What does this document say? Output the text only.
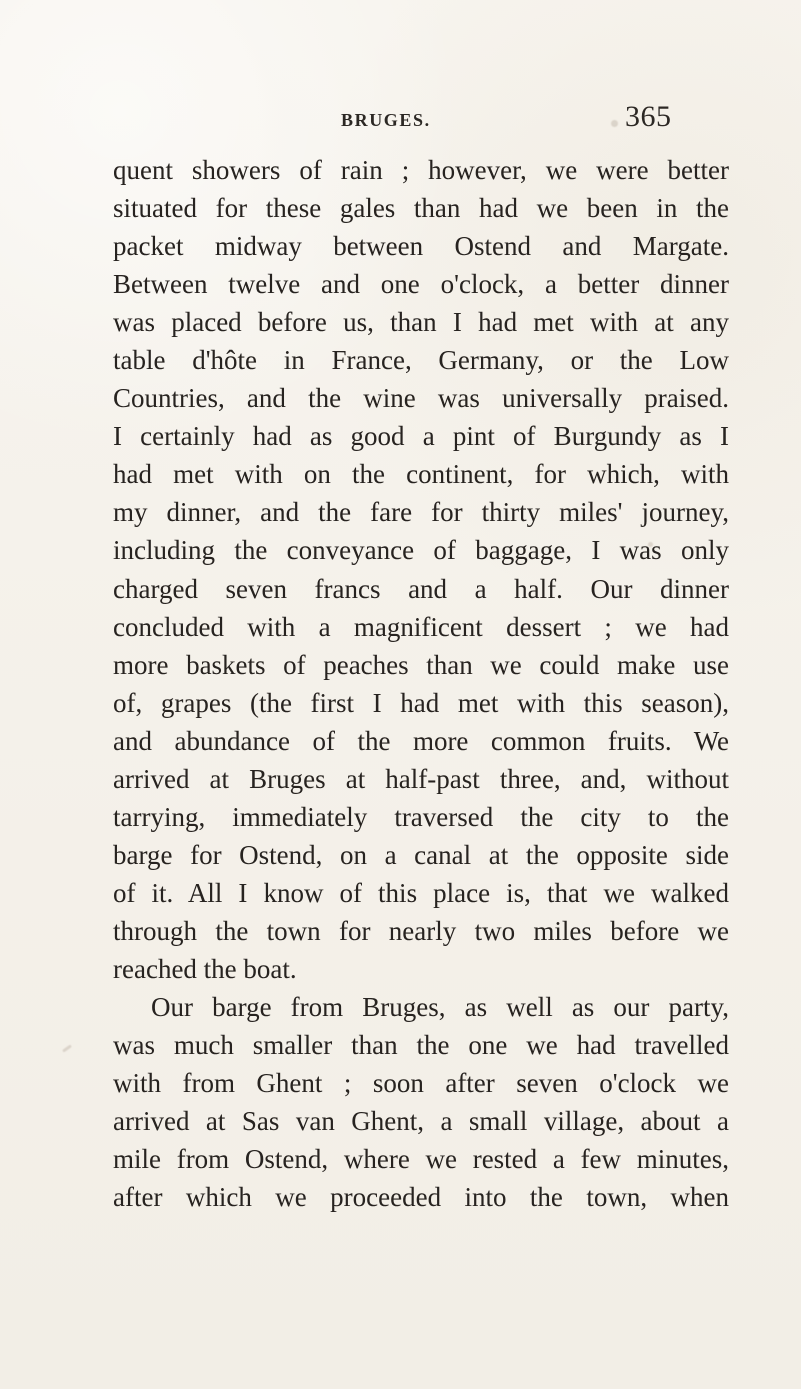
BRUGES.	365
quent showers of rain ; however, we were better
situated for these gales than had we been in the
packet midway between Ostend and Margate.
Between twelve and one o'clock, a better dinner
was placed before us, than I had met with at any
table d'hôte in France, Germany, or the Low
Countries, and the wine was universally praised.
I certainly had as good a pint of Burgundy as I
had met with on the continent, for which, with
my dinner, and the fare for thirty miles' journey,
including the conveyance of baggage, I was only
charged seven francs and a half. Our dinner
concluded with a magnificent dessert ; we had
more baskets of peaches than we could make use
of, grapes (the first I had met with this season),
and abundance of the more common fruits. We
arrived at Bruges at half-past three, and, without
tarrying, immediately traversed the city to the
barge for Ostend, on a canal at the opposite side
of it. All I know of this place is, that we walked
through the town for nearly two miles before we
reached the boat.
Our barge from Bruges, as well as our party,
was much smaller than the one we had travelled
with from Ghent ; soon after seven o'clock we
arrived at Sas van Ghent, a small village, about a
mile from Ostend, where we rested a few minutes,
after which we proceeded into the town, when
